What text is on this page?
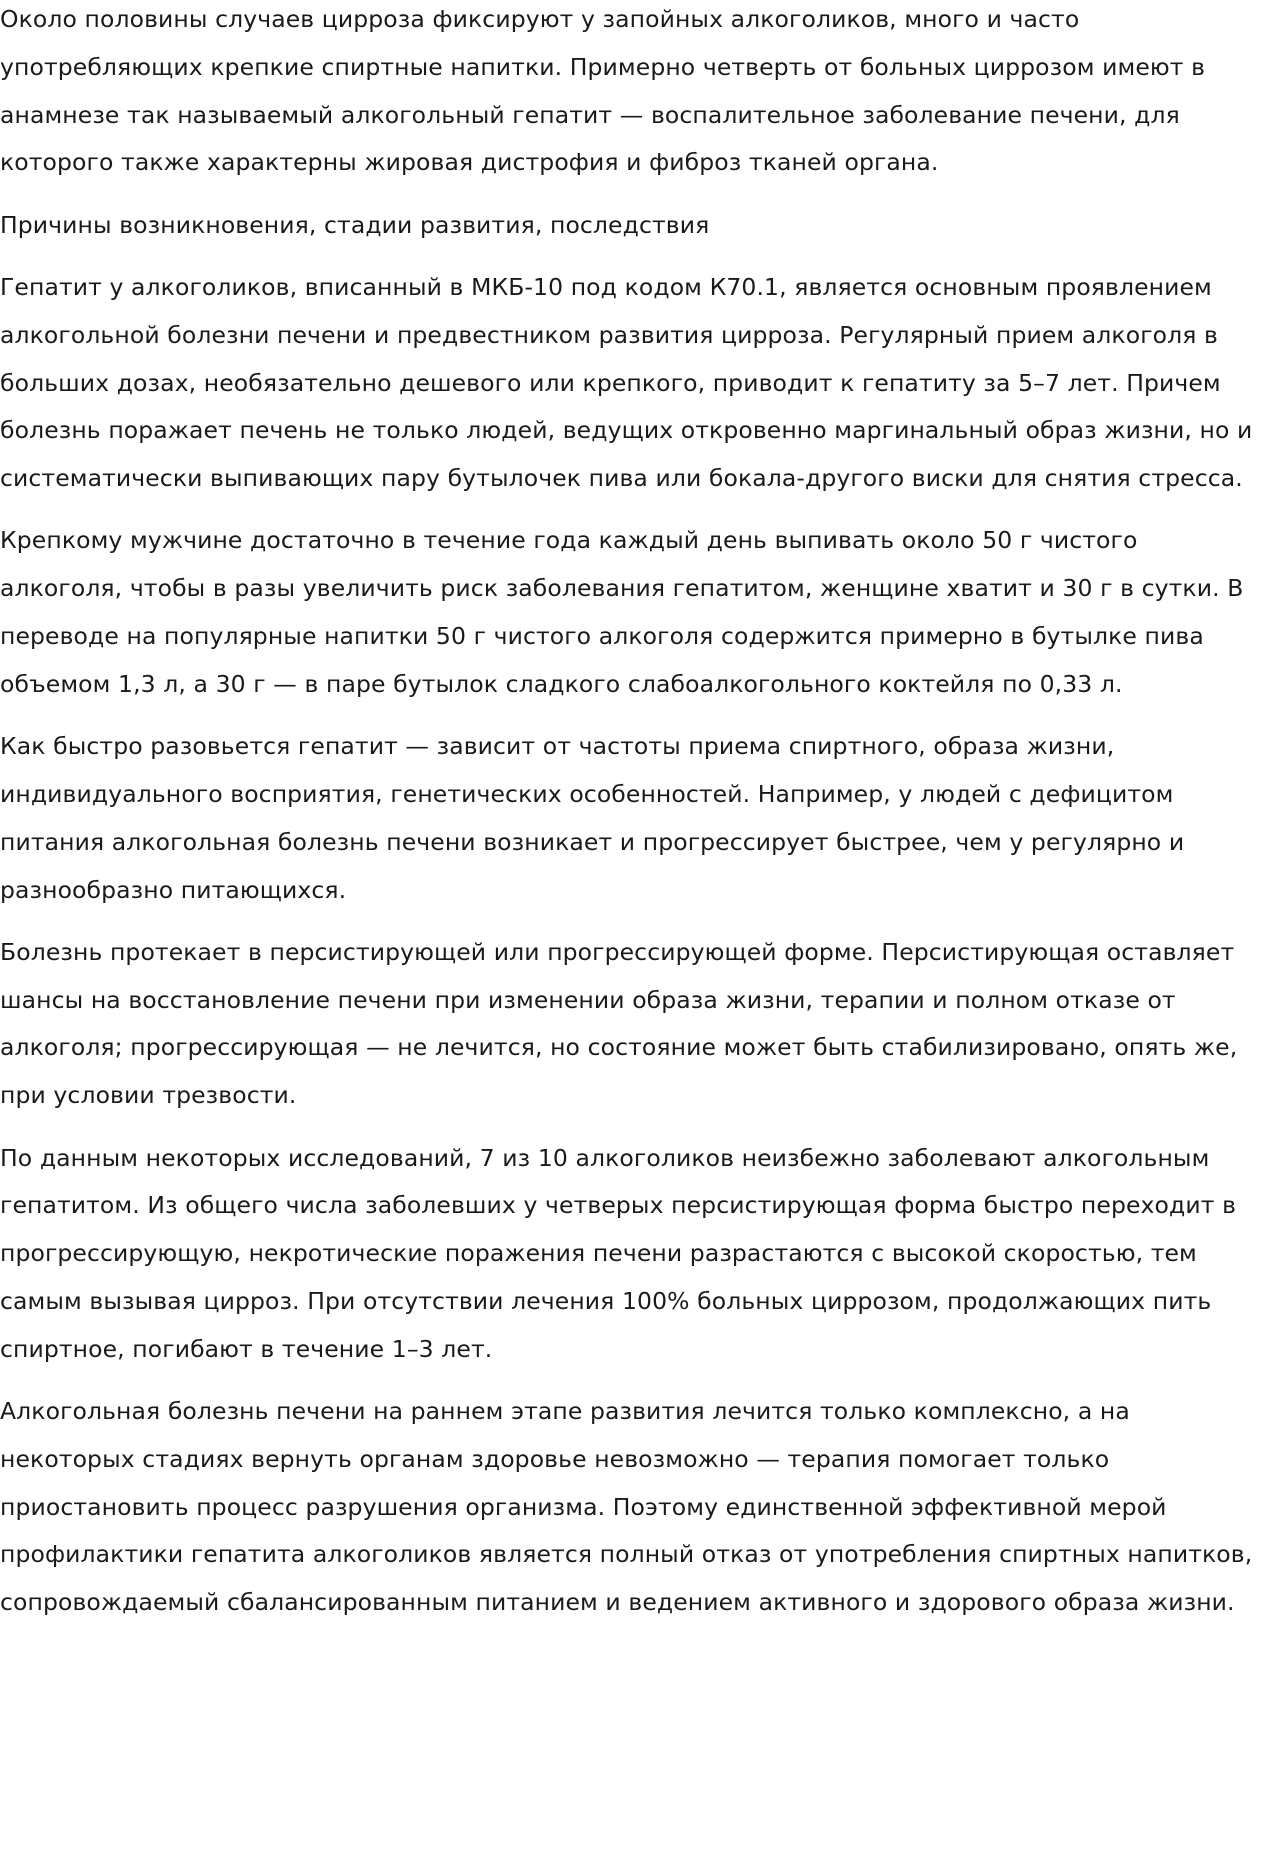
Около половины случаев цирроза фиксируют у запойных алкоголиков, много и часто употребляющих крепкие спиртные напитки. Примерно четверть от больных циррозом имеют в анамнезе так называемый алкогольный гепатит — воспалительное заболевание печени, для которого также характерны жировая дистрофия и фиброз тканей органа.

Причины возникновения, стадии развития, последствия

Гепатит у алкоголиков, вписанный в МКБ-10 под кодом К70.1, является основным проявлением алкогольной болезни печени и предвестником развития цирроза. Регулярный прием алкоголя в больших дозах, необязательно дешевого или крепкого, приводит к гепатиту за 5–7 лет. Причем болезнь поражает печень не только людей, ведущих откровенно маргинальный образ жизни, но и систематически выпивающих пару бутылочек пива или бокала-другого виски для снятия стресса.

Крепкому мужчине достаточно в течение года каждый день выпивать около 50 г чистого алкоголя, чтобы в разы увеличить риск заболевания гепатитом, женщине хватит и 30 г в сутки. В переводе на популярные напитки 50 г чистого алкоголя содержится примерно в бутылке пива объемом 1,3 л, а 30 г — в паре бутылок сладкого слабоалкогольного коктейля по 0,33 л.

Как быстро разовьется гепатит — зависит от частоты приема спиртного, образа жизни, индивидуального восприятия, генетических особенностей. Например, у людей с дефицитом питания алкогольная болезнь печени возникает и прогрессирует быстрее, чем у регулярно и разнообразно питающихся.

Болезнь протекает в персистирующей или прогрессирующей форме. Персистирующая оставляет шансы на восстановление печени при изменении образа жизни, терапии и полном отказе от алкоголя; прогрессирующая — не лечится, но состояние может быть стабилизировано, опять же, при условии трезвости.

По данным некоторых исследований, 7 из 10 алкоголиков неизбежно заболевают алкогольным гепатитом. Из общего числа заболевших у четверых персистирующая форма быстро переходит в прогрессирующую, некротические поражения печени разрастаются с высокой скоростью, тем самым вызывая цирроз. При отсутствии лечения 100% больных циррозом, продолжающих пить спиртное, погибают в течение 1–3 лет.

Алкогольная болезнь печени на раннем этапе развития лечится только комплексно, а на некоторых стадиях вернуть органам здоровье невозможно — терапия помогает только приостановить процесс разрушения организма. Поэтому единственной эффективной мерой профилактики гепатита алкоголиков является полный отказ от употребления спиртных напитков, сопровождаемый сбалансированным питанием и ведением активного и здорового образа жизни.
